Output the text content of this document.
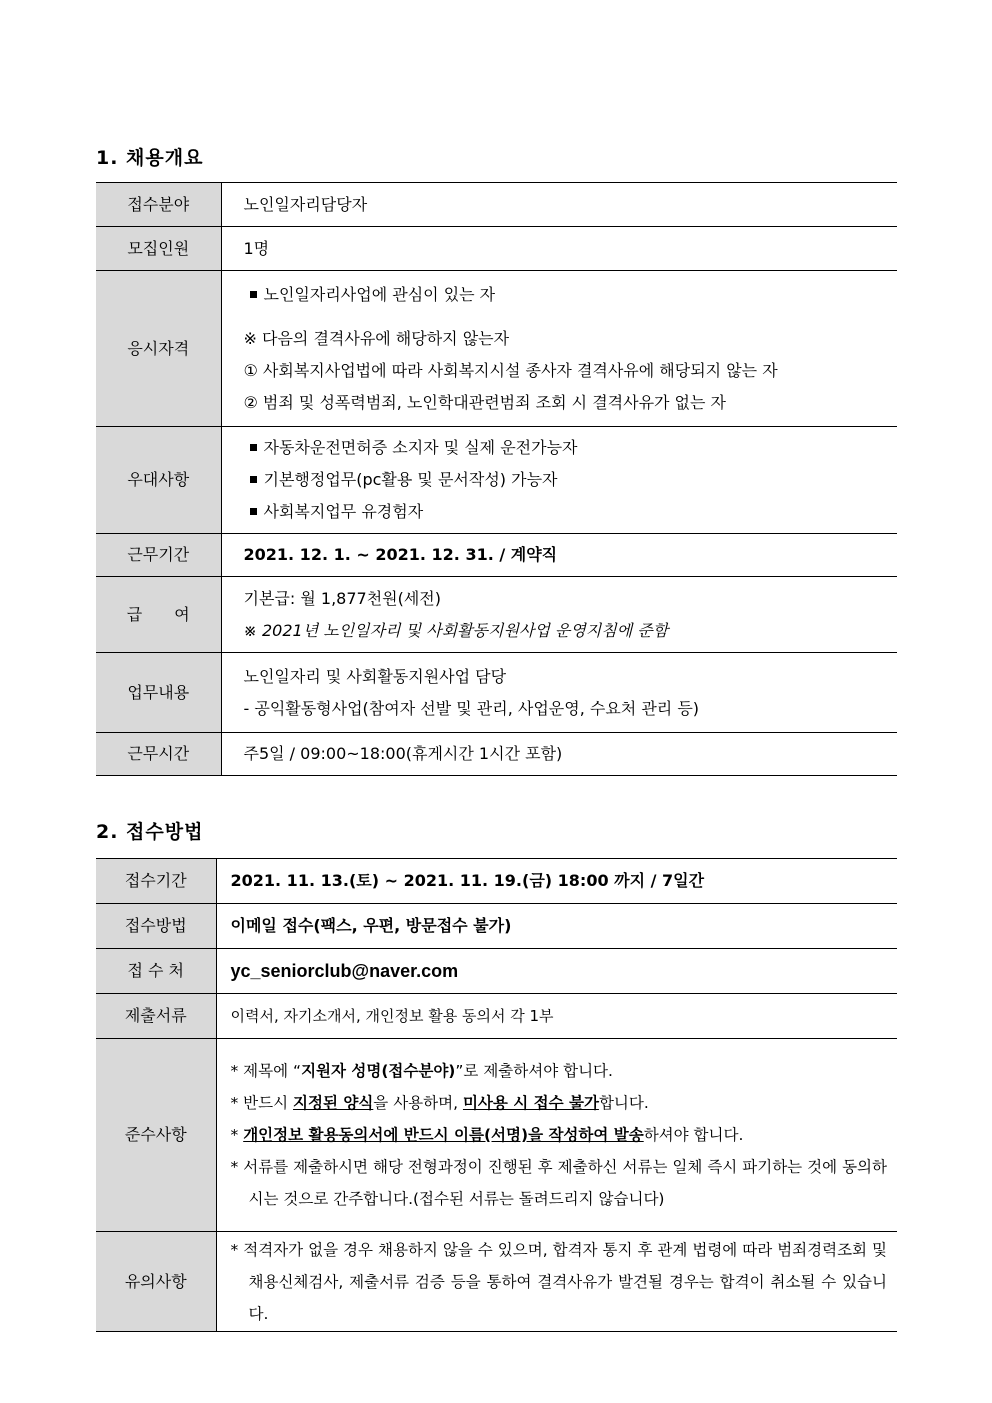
1. 채용개요
접수분야	노인일자리담당자
모집인원	1명
응시자격	노인일자리사업에 관심이 있는 자
※ 다음의 결격사유에 해당하지 않는자
① 사회복지사업법에 따라 사회복지시설 종사자 결격사유에 해당되지 않는 자
② 범죄 및 성폭력범죄, 노인학대관련범죄 조회 시 결격사유가 없는 자

우대사항	자동차운전면허증 소지자 및 실제 운전가능자
기본행정업무(pc활용 및 문서작성) 가능자
사회복지업무 유경험자

근무기간	2021. 12. 1. ~ 2021. 12. 31. / 계약직
급　　여	기본급: 월 1,877천원(세전)
※ 2021년 노인일자리 및 사회활동지원사업 운영지침에 준함

업무내용	노인일자리 및 사회활동지원사업 담당
- 공익활동형사업(참여자 선발 및 관리, 사업운영, 수요처 관리 등)

근무시간	주5일 / 09:00~18:00(휴게시간 1시간 포함)
2. 접수방법
접수기간	2021. 11. 13.(토) ~ 2021. 11. 19.(금) 18:00 까지 / 7일간
접수방법	이메일 접수(팩스, 우편, 방문접수 불가)
접 수 처	yc_seniorclub@naver.com
제출서류	이력서, 자기소개서, 개인정보 활용 동의서 각 1부
준수사항	* 제목에 “지원자 성명(접수분야)”로 제출하셔야 합니다.
* 반드시 지정된 양식을 사용하며, 미사용 시 접수 불가합니다.
* 개인정보 활용동의서에 반드시 이름(서명)을 작성하여 발송하셔야 합니다.
* 서류를 제출하시면 해당 전형과정이 진행된 후 제출하신 서류는 일체 즉시 파기하는 것에 동의하시는 것으로 간주합니다.(접수된 서류는 돌려드리지 않습니다)

유의사항	* 적격자가 없을 경우 채용하지 않을 수 있으며, 합격자 통지 후 관계 법령에 따라 범죄경력조회 및 채용신체검사, 제출서류 검증 등을 통하여 결격사유가 발견될 경우는 합격이 취소될 수 있습니다.
